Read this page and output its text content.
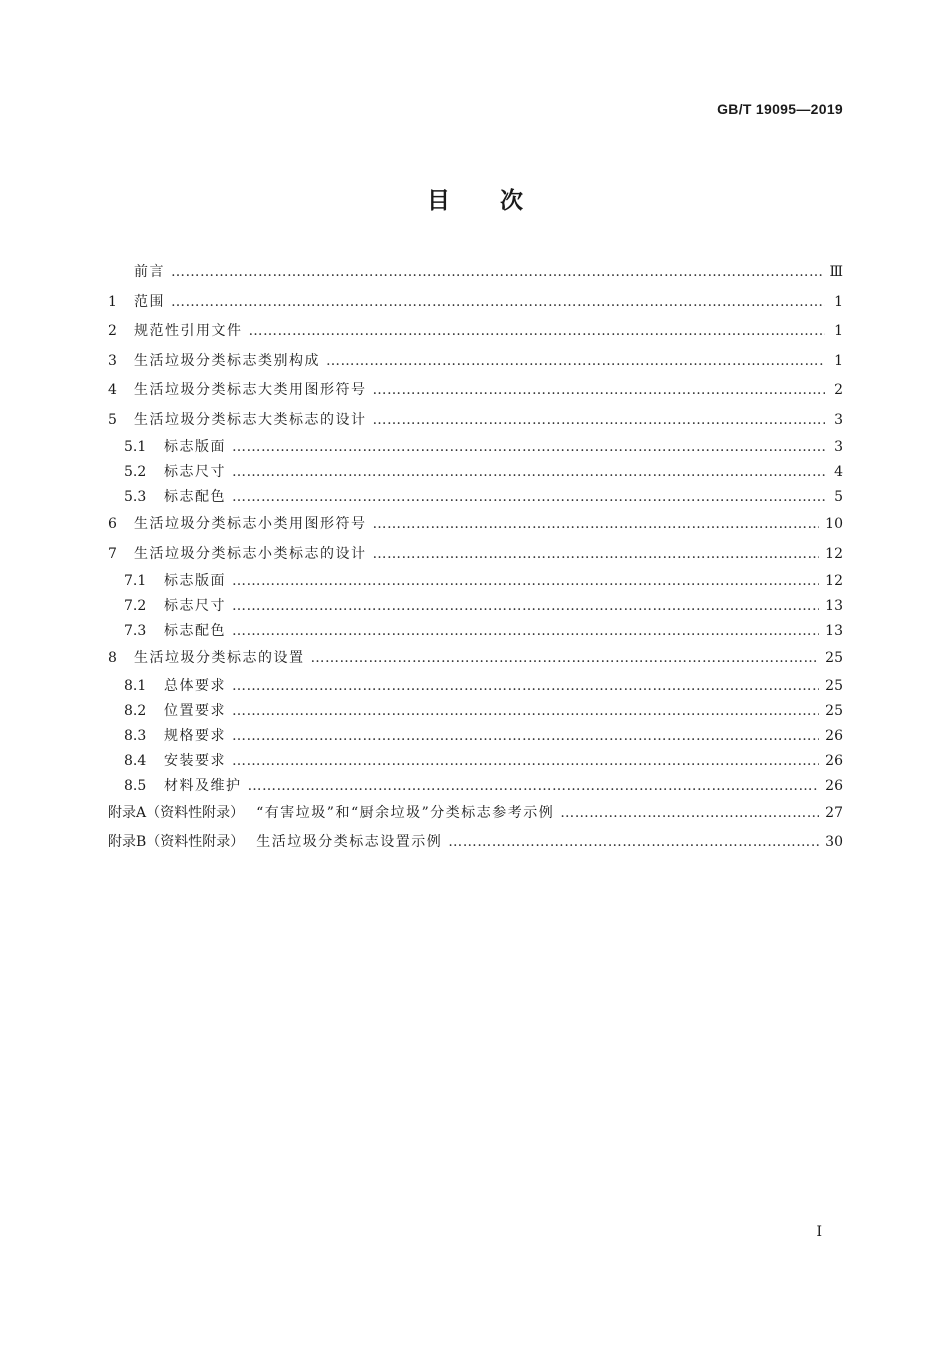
GB/T 19095—2019
目次
前言 ……………………………………………………………………………………………………………………………………………………………………………………	Ⅲ
1	范围 ……………………………………………………………………………………………………………………………………………………………………………………	1
2	规范性引用文件 ……………………………………………………………………………………………………………………………………………………………………………………	1
3	生活垃圾分类标志类别构成 ……………………………………………………………………………………………………………………………………………………………………………………	1
4	生活垃圾分类标志大类用图形符号 ……………………………………………………………………………………………………………………………………………………………………………………	2
5	生活垃圾分类标志大类标志的设计 ……………………………………………………………………………………………………………………………………………………………………………………	3
5.1	标志版面 ……………………………………………………………………………………………………………………………………………………………………………………	3
5.2	标志尺寸 ……………………………………………………………………………………………………………………………………………………………………………………	4
5.3	标志配色 ……………………………………………………………………………………………………………………………………………………………………………………	5
6	生活垃圾分类标志小类用图形符号 ……………………………………………………………………………………………………………………………………………………………………………………	10
7	生活垃圾分类标志小类标志的设计 ……………………………………………………………………………………………………………………………………………………………………………………	12
7.1	标志版面 ……………………………………………………………………………………………………………………………………………………………………………………	12
7.2	标志尺寸 ……………………………………………………………………………………………………………………………………………………………………………………	13
7.3	标志配色 ……………………………………………………………………………………………………………………………………………………………………………………	13
8	生活垃圾分类标志的设置 ……………………………………………………………………………………………………………………………………………………………………………………	25
8.1	总体要求 ……………………………………………………………………………………………………………………………………………………………………………………	25
8.2	位置要求 ……………………………………………………………………………………………………………………………………………………………………………………	25
8.3	规格要求 ……………………………………………………………………………………………………………………………………………………………………………………	26
8.4	安装要求 ……………………………………………………………………………………………………………………………………………………………………………………	26
8.5	材料及维护 ……………………………………………………………………………………………………………………………………………………………………………………	26
附录A（资料性附录） “有害垃圾”和“厨余垃圾”分类标志参考示例 ……………………………………………………………………………………………………………………………………………………………………………………	27
附录B（资料性附录） 生活垃圾分类标志设置示例 ……………………………………………………………………………………………………………………………………………………………………………………	30
I
